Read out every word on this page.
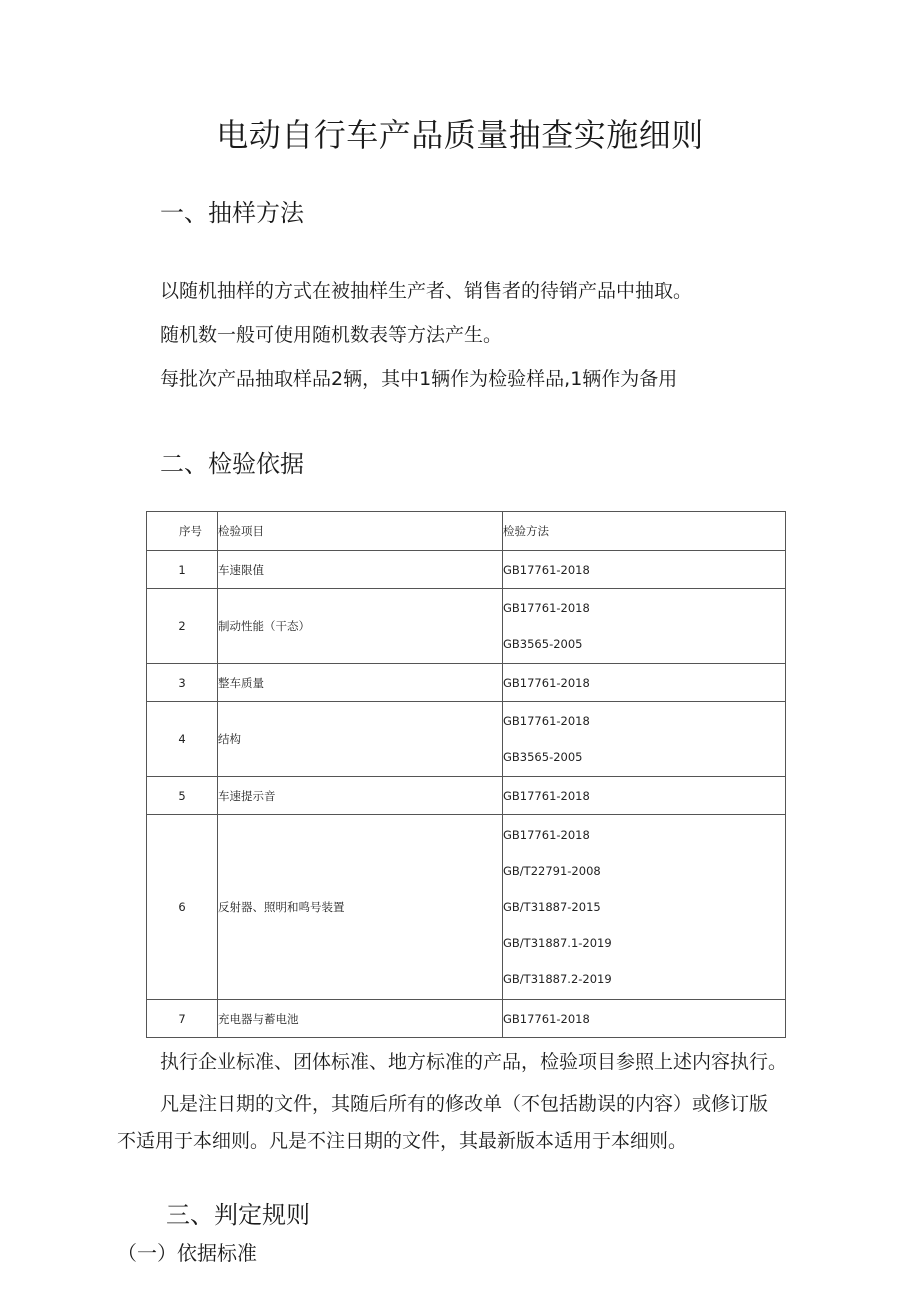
电动自行车产品质量抽查实施细则
一、抽样方法
以随机抽样的方式在被抽样生产者、销售者的待销产品中抽取。
随机数一般可使用随机数表等方法产生。
每批次产品抽取样品2辆，其中1辆作为检验样品,1辆作为备用
二、检验依据
序号	检验项目	检验方法
1	车速限值	GB17761-2018
2	制动性能（干态）	GB17761-2018
GB3565-2005

3	整车质量	GB17761-2018
4	结构	GB17761-2018
GB3565-2005

5	车速提示音	GB17761-2018
6	反射器、照明和鸣号装置	GB17761-2018
GB/T22791-2008
GB/T31887-2015
GB/T31887.1-2019
GB/T31887.2-2019

7	充电器与蓄电池	GB17761-2018
执行企业标准、团体标准、地方标准的产品，检验项目参照上述内容执行。
凡是注日期的文件，其随后所有的修改单（不包括勘误的内容）或修订版
不适用于本细则。凡是不注日期的文件，其最新版本适用于本细则。
三、判定规则
（一）依据标准
